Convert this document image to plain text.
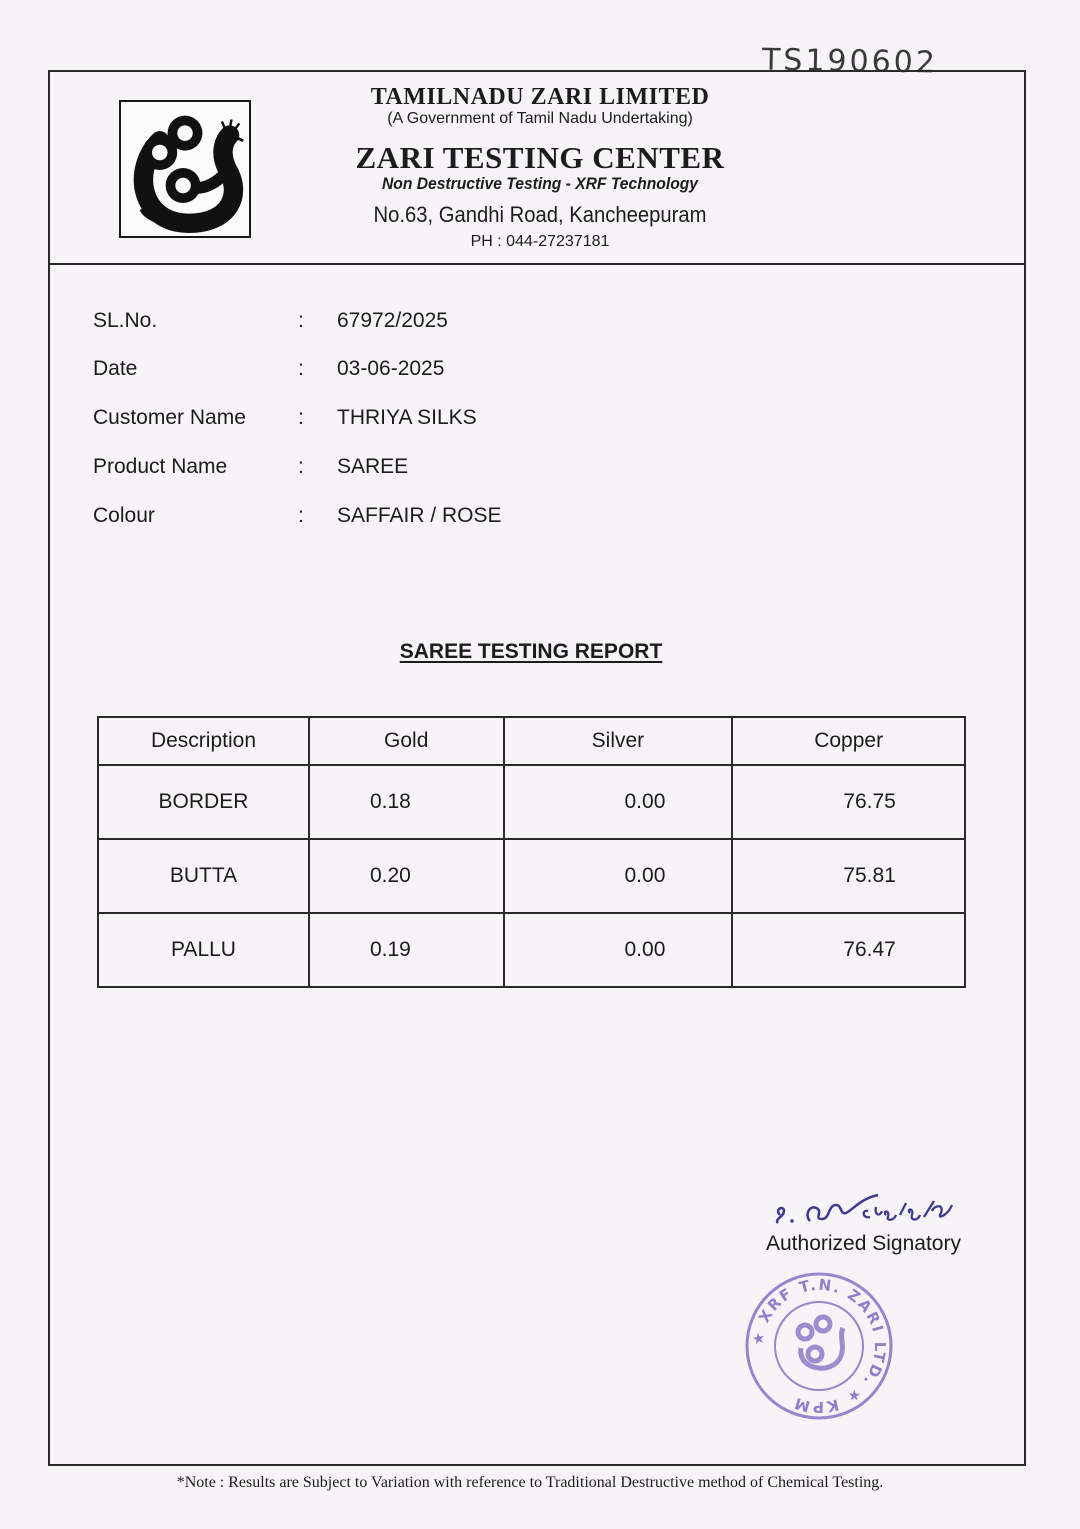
TS190602
TAMILNADU ZARI LIMITED
(A Government of Tamil Nadu Undertaking)
ZARI TESTING CENTER
Non Destructive Testing - XRF Technology
No.63, Gandhi Road, Kancheepuram
PH : 044-27237181
SL.No.	: 67972/2025
Date	: 03-06-2025
Customer Name : THRIYA SILKS
Product Name	: SAREE
Colour	: SAFFAIR / ROSE
SAREE TESTING REPORT
Description	Gold	Silver	Copper
BORDER	0.18	0.00	76.75
BUTTA	0.20	0.00	75.81
PALLU	0.19	0.00	76.47
Authorized Signatory
★ XRF T.N. ZARI LTD. ★ KPM
*Note : Results are Subject to Variation with reference to Traditional Destructive method of Chemical Testing.
